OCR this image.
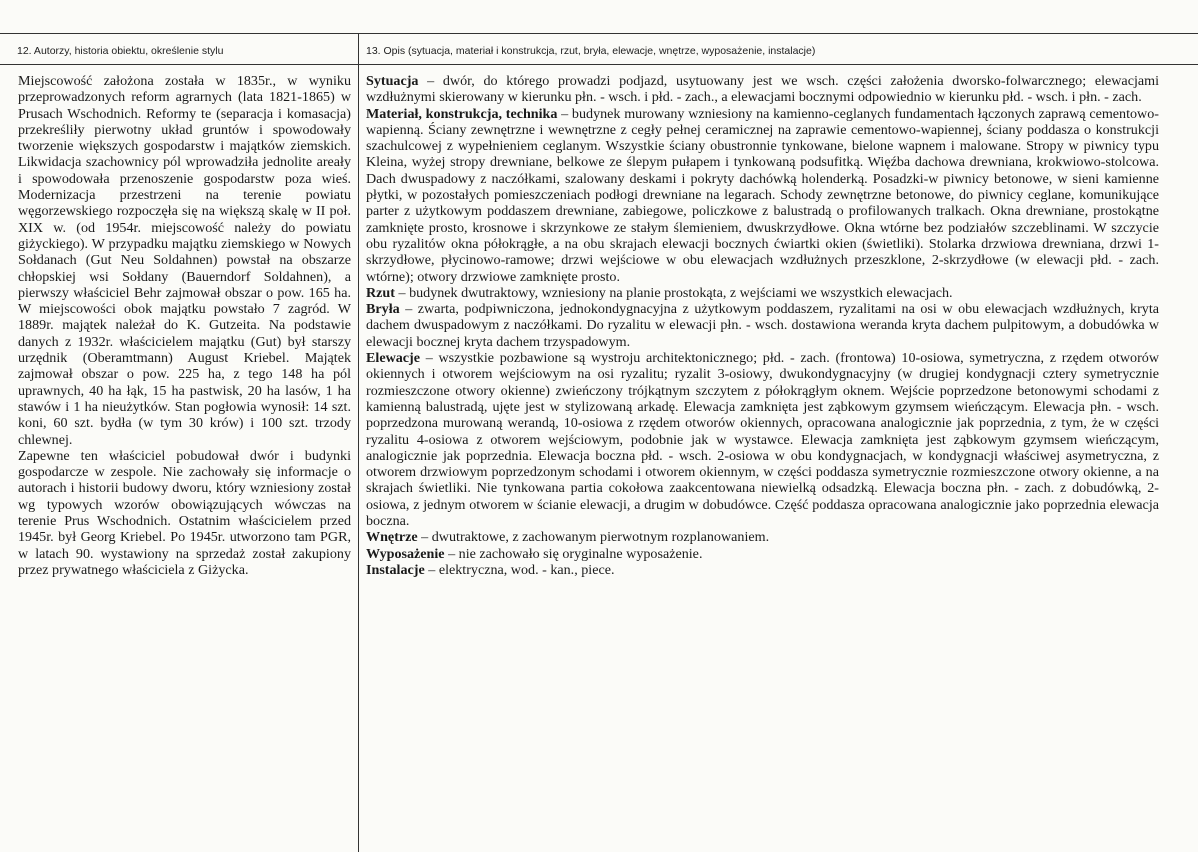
12. Autorzy, historia obiektu, określenie stylu	13. Opis (sytuacja, materiał i konstrukcja, rzut, bryła, elewacje, wnętrze, wyposażenie, instalacje)

Miejscowość założona została w 1835r., w wyniku przeprowadzonych reform agrarnych (lata 1821-1865) w Prusach Wschodnich. Reformy te (separacja i komasacja) przekreśliły pierwotny układ gruntów i spowodowały tworzenie większych gospodarstw i majątków ziemskich. Likwidacja szachownicy pól wprowadziła jednolite areały i spowodowała przenoszenie gospodarstw poza wieś. Modernizacja przestrzeni na terenie powiatu węgorzewskiego rozpoczęła się na większą skalę w II poł. XIX w. (od 1954r. miejscowość należy do powiatu giżyckiego). W przypadku majątku ziemskiego w Nowych Sołdanach (Gut Neu Soldahnen) powstał na obszarze chłopskiej wsi Sołdany (Bauerndorf Soldahnen), a pierwszy właściciel Behr zajmował obszar o pow. 165 ha. W miejscowości obok majątku powstało 7 zagród. W 1889r. majątek należał do K. Gutzeita. Na podstawie danych z 1932r. właścicielem majątku (Gut) był starszy urzędnik (Oberamtmann) August Kriebel. Majątek zajmował obszar o pow. 225 ha, z tego 148 ha pól uprawnych, 40 ha łąk, 15 ha pastwisk, 20 ha lasów, 1 ha stawów i 1 ha nieużytków. Stan pogłowia wynosił: 14 szt. koni, 60 szt. bydła (w tym 30 krów) i 100 szt. trzody chlewnej.

Zapewne ten właściciel pobudował dwór i budynki gospodarcze w zespole. Nie zachowały się informacje o autorach i historii budowy dworu, który wzniesiony został wg typowych wzorów obowiązujących wówczas na terenie Prus Wschodnich. Ostatnim właścicielem przed 1945r. był Georg Kriebel. Po 1945r. utworzono tam PGR, w latach 90. wystawiony na sprzedaż został zakupiony przez prywatnego właściciela z Giżycka.

Sytuacja – dwór, do którego prowadzi podjazd, usytuowany jest we wsch. części założenia dworsko-folwarcznego; elewacjami wzdłużnymi skierowany w kierunku płn. - wsch. i płd. - zach., a elewacjami bocznymi odpowiednio w kierunku płd. - wsch. i płn. - zach.

Materiał, konstrukcja, technika – budynek murowany wzniesiony na kamienno-ceglanych fundamentach łączonych zaprawą cementowo-wapienną. Ściany zewnętrzne i wewnętrzne z cegły pełnej ceramicznej na zaprawie cementowo-wapiennej, ściany poddasza o konstrukcji szachulcowej z wypełnieniem ceglanym. Wszystkie ściany obustronnie tynkowane, bielone wapnem i malowane. Stropy w piwnicy typu Kleina, wyżej stropy drewniane, belkowe ze ślepym pułapem i tynkowaną podsufitką. Więźba dachowa drewniana, krokwiowo-stolcowa. Dach dwuspadowy z naczółkami, szalowany deskami i pokryty dachówką holenderką. Posadzki-w piwnicy betonowe, w sieni kamienne płytki, w pozostałych pomieszczeniach podłogi drewniane na legarach. Schody zewnętrzne betonowe, do piwnicy ceglane, komunikujące parter z użytkowym poddaszem drewniane, zabiegowe, policzkowe z balustradą o profilowanych tralkach. Okna drewniane, prostokątne zamknięte prosto, krosnowe i skrzynkowe ze stałym ślemieniem, dwuskrzydłowe. Okna wtórne bez podziałów szczeblinami. W szczycie obu ryzalitów okna półokrągłe, a na obu skrajach elewacji bocznych ćwiartki okien (świetliki). Stolarka drzwiowa drewniana, drzwi 1-skrzydłowe, płycinowo-ramowe; drzwi wejściowe w obu elewacjach wzdłużnych przeszklone, 2-skrzydłowe (w elewacji płd. - zach. wtórne); otwory drzwiowe zamknięte prosto.

Rzut – budynek dwutraktowy, wzniesiony na planie prostokąta, z wejściami we wszystkich elewacjach.

Bryła – zwarta, podpiwniczona, jednokondygnacyjna z użytkowym poddaszem, ryzalitami na osi w obu elewacjach wzdłużnych, kryta dachem dwuspadowym z naczółkami. Do ryzalitu w elewacji płn. - wsch. dostawiona weranda kryta dachem pulpitowym, a dobudówka w elewacji bocznej kryta dachem trzyspadowym.

Elewacje – wszystkie pozbawione są wystroju architektonicznego; płd. - zach. (frontowa) 10-osiowa, symetryczna, z rzędem otworów okiennych i otworem wejściowym na osi ryzalitu; ryzalit 3-osiowy, dwukondygnacyjny (w drugiej kondygnacji cztery symetrycznie rozmieszczone otwory okienne) zwieńczony trójkątnym szczytem z półokrągłym oknem. Wejście poprzedzone betonowymi schodami z kamienną balustradą, ujęte jest w stylizowaną arkadę. Elewacja zamknięta jest ząbkowym gzymsem wieńczącym. Elewacja płn. - wsch. poprzedzona murowaną werandą, 10-osiowa z rzędem otworów okiennych, opracowana analogicznie jak poprzednia, z tym, że w części ryzalitu 4-osiowa z otworem wejściowym, podobnie jak w wystawce. Elewacja zamknięta jest ząbkowym gzymsem wieńczącym, analogicznie jak poprzednia. Elewacja boczna płd. - wsch. 2-osiowa w obu kondygnacjach, w kondygnacji właściwej asymetryczna, z otworem drzwiowym poprzedzonym schodami i otworem okiennym, w części poddasza symetrycznie rozmieszczone otwory okienne, a na skrajach świetliki. Nie tynkowana partia cokołowa zaakcentowana niewielką odsadzką. Elewacja boczna płn. - zach. z dobudówką, 2-osiowa, z jednym otworem w ścianie elewacji, a drugim w dobudówce. Część poddasza opracowana analogicznie jako poprzednia elewacja boczna.

Wnętrze – dwutraktowe, z zachowanym pierwotnym rozplanowaniem.

Wyposażenie – nie zachowało się oryginalne wyposażenie.

Instalacje – elektryczna, wod. - kan., piece.
